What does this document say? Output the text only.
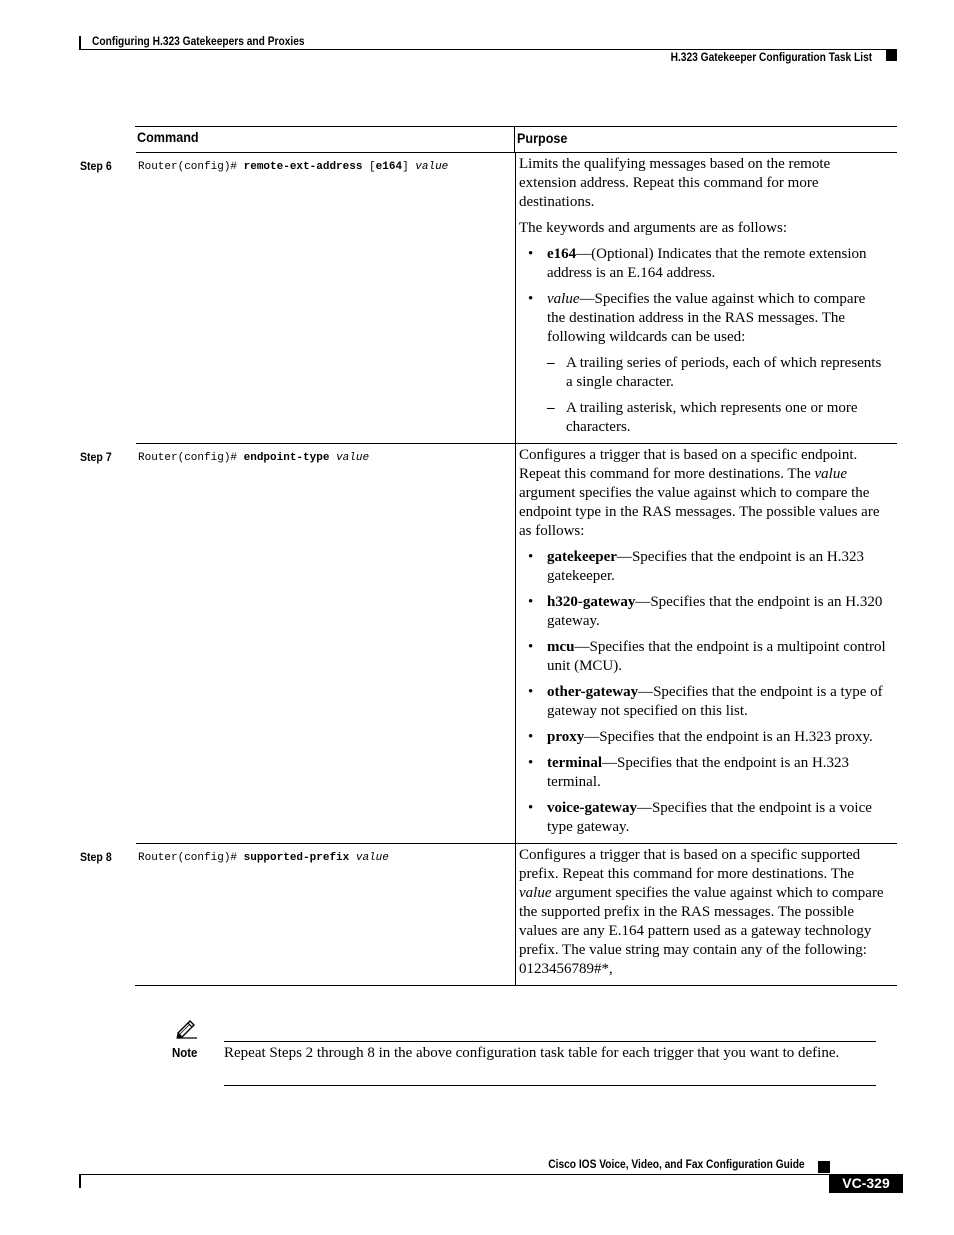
Configuring H.323 Gatekeepers and Proxies
H.323 Gatekeeper Configuration Task List
Command	Purpose
Step 6	Router(config)# remote-ext-address [e164] value	Limits the qualifying messages based on the remote extension address. Repeat this command for more destinations.

The keywords and arguments are as follows:

• e164—(Optional) Indicates that the remote extension address is an E.164 address.
• value—Specifies the value against which to compare the destination address in the RAS messages. The following wildcards can be used:
– A trailing series of periods, each of which represents a single character.
– A trailing asterisk, which represents one or more characters.
Step 7	Router(config)# endpoint-type value	Configures a trigger that is based on a specific endpoint. Repeat this command for more destinations. The value argument specifies the value against which to compare the endpoint type in the RAS messages. The possible values are as follows:

• gatekeeper—Specifies that the endpoint is an H.323 gatekeeper.
• h320-gateway—Specifies that the endpoint is an H.320 gateway.
• mcu—Specifies that the endpoint is a multipoint control unit (MCU).
• other-gateway—Specifies that the endpoint is a type of gateway not specified on this list.
• proxy—Specifies that the endpoint is an H.323 proxy.
• terminal—Specifies that the endpoint is an H.323 terminal.
• voice-gateway—Specifies that the endpoint is a voice type gateway.
Step 8	Router(config)# supported-prefix value	Configures a trigger that is based on a specific supported prefix. Repeat this command for more destinations. The value argument specifies the value against which to compare the supported prefix in the RAS messages. The possible values are any E.164 pattern used as a gateway technology prefix. The value string may contain any of the following: 0123456789#*,

Note Repeat Steps 2 through 8 in the above configuration task table for each trigger that you want to define.
Cisco IOS Voice, Video, and Fax Configuration Guide
VC-329
